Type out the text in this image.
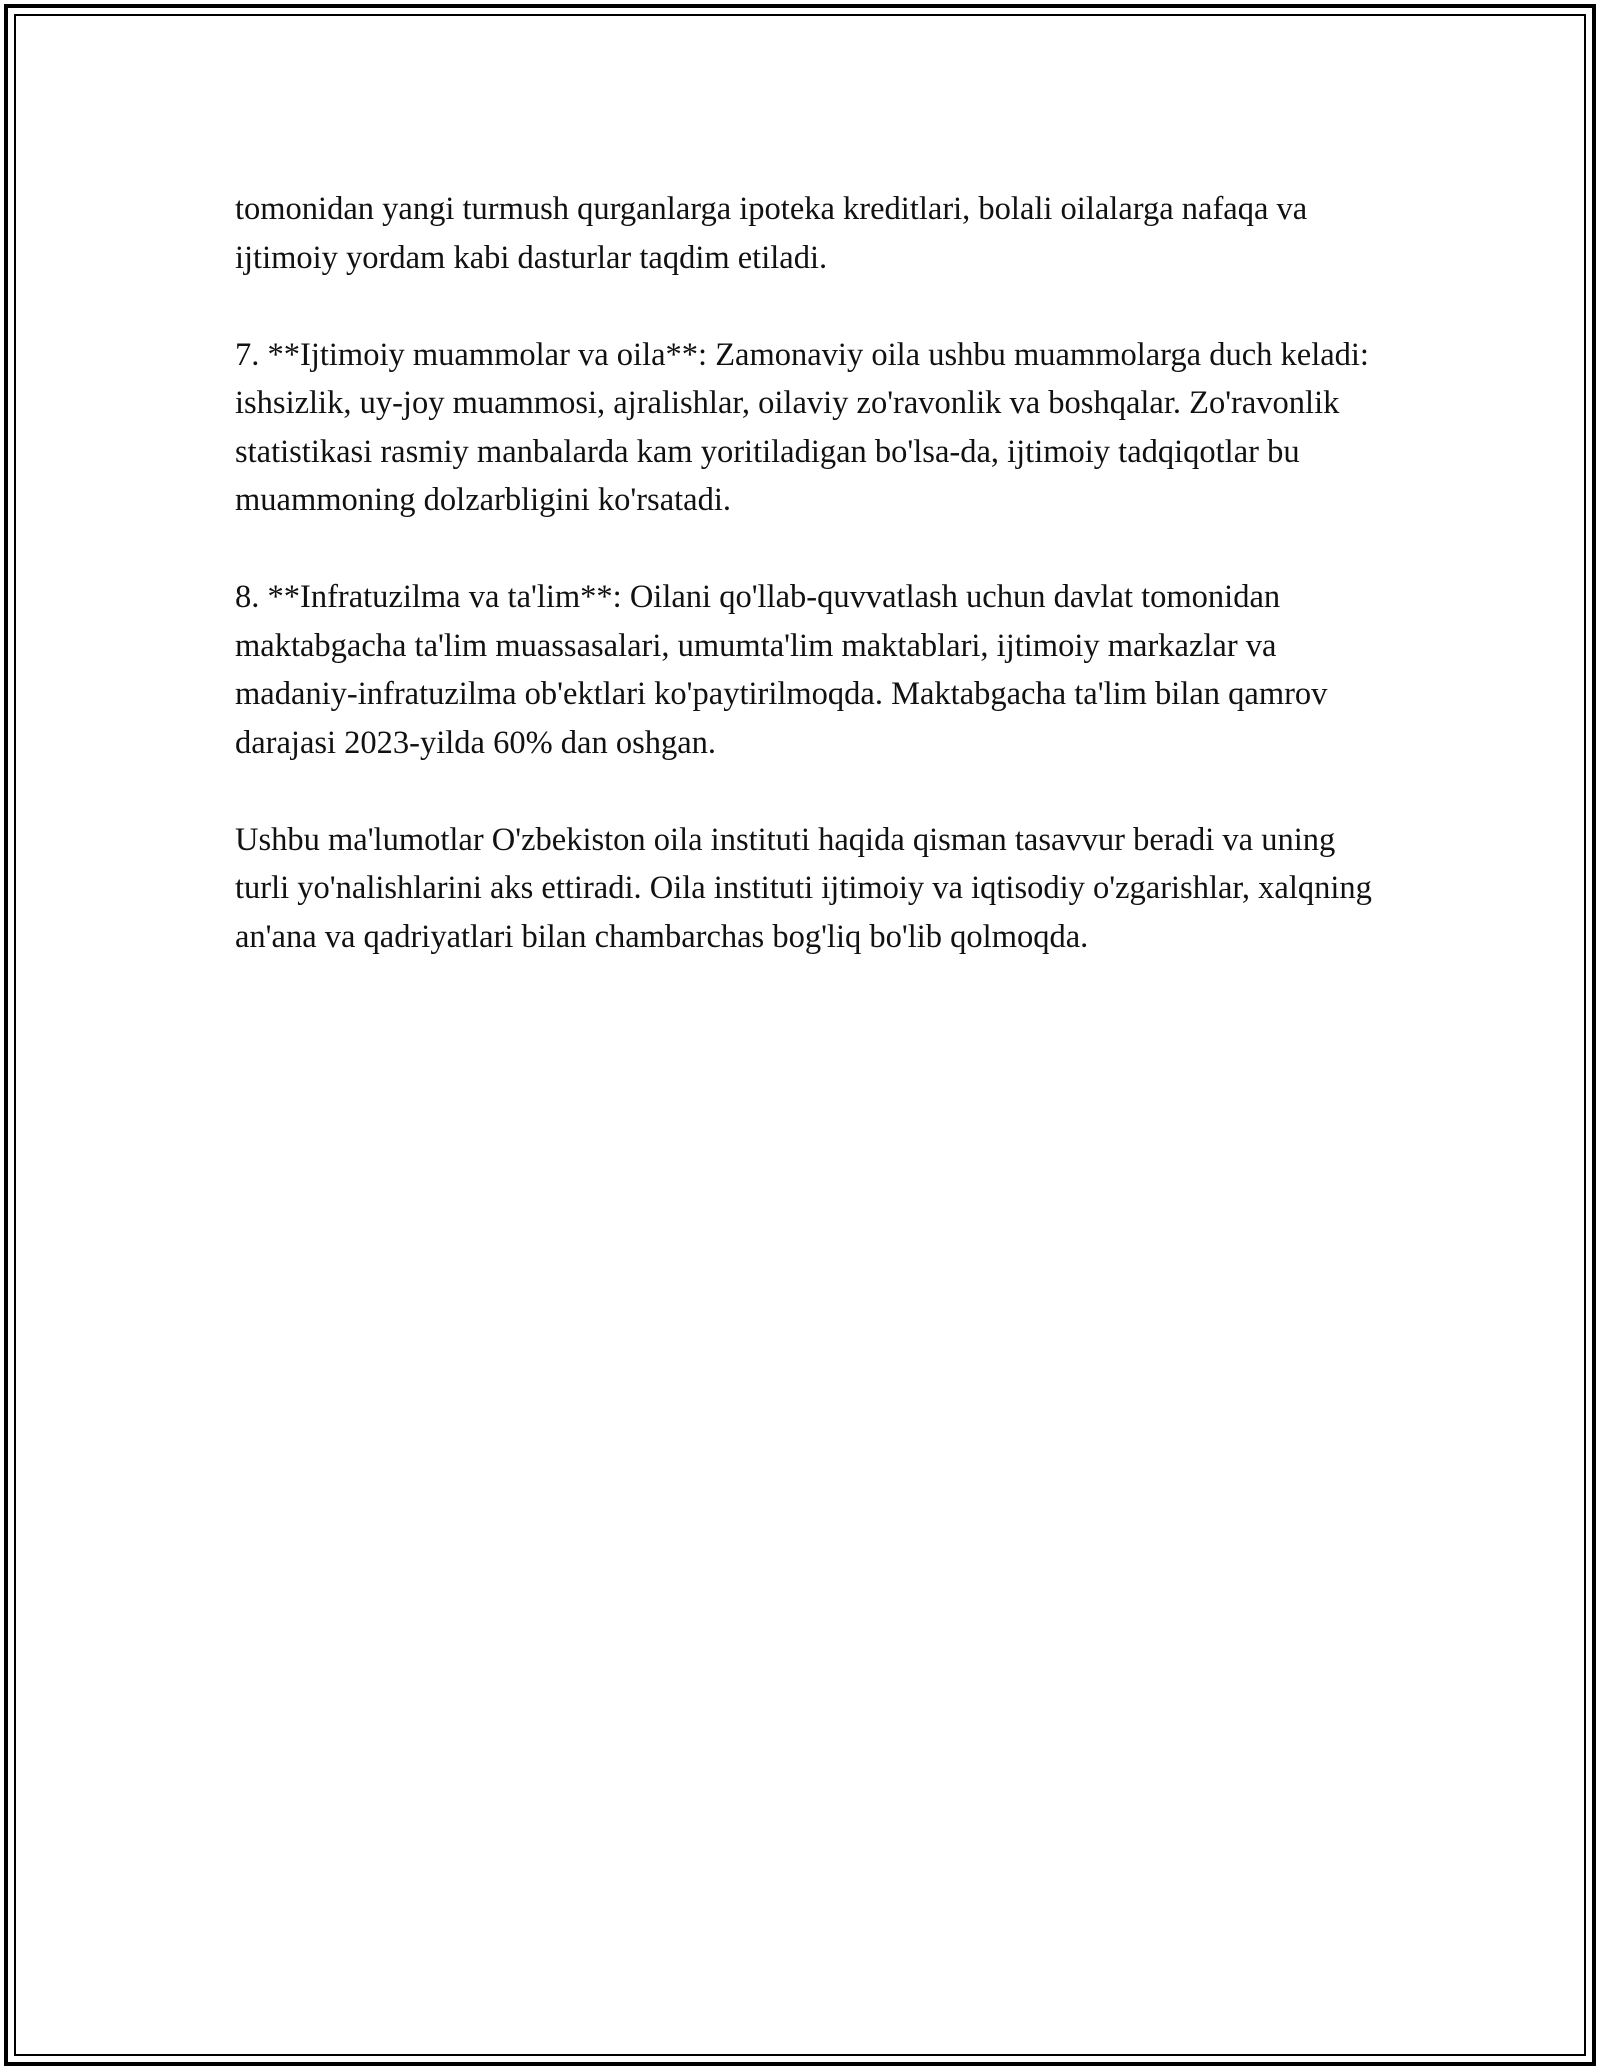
tomonidan yangi turmush qurganlarga ipoteka kreditlari, bolali oilalarga nafaqa va ijtimoiy yordam kabi dasturlar taqdim etiladi.

7. **Ijtimoiy muammolar va oila**: Zamonaviy oila ushbu muammolarga duch keladi: ishsizlik, uy-joy muammosi, ajralishlar, oilaviy zo'ravonlik va boshqalar. Zo'ravonlik statistikasi rasmiy manbalarda kam yoritiladigan bo'lsa-da, ijtimoiy tadqiqotlar bu muammoning dolzarbligini ko'rsatadi.

8. **Infratuzilma va ta'lim**: Oilani qo'llab-quvvatlash uchun davlat tomonidan maktabgacha ta'lim muassasalari, umumta'lim maktablari, ijtimoiy markazlar va madaniy-infratuzilma ob'ektlari ko'paytirilmoqda. Maktabgacha ta'lim bilan qamrov darajasi 2023-yilda 60% dan oshgan.

Ushbu ma'lumotlar O'zbekiston oila instituti haqida qisman tasavvur beradi va uning turli yo'nalishlarini aks ettiradi. Oila instituti ijtimoiy va iqtisodiy o'zgarishlar, xalqning an'ana va qadriyatlari bilan chambarchas bog'liq bo'lib qolmoqda.
